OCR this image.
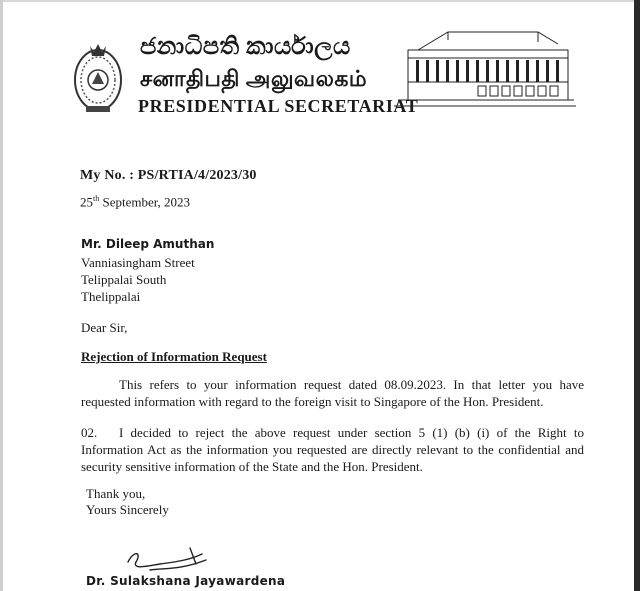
ජනාධිපති කාර්යාලය
சனாதிபதி அலுவலகம்
PRESIDENTIAL SECRETARIAT
My No. : PS/RTIA/4/2023/30
25th September, 2023
Mr. Dileep Amuthan
Vanniasingham Street
Telippalai South
Thelippalai
Dear Sir,
Rejection of Information Request
This refers to your information request dated 08.09.2023. In that letter you have requested information with regard to the foreign visit to Singapore of the Hon. President.
02. I decided to reject the above request under section 5 (1) (b) (i) of the Right to Information Act as the information you requested are directly relevant to the confidential and security sensitive information of the State and the Hon. President.
Thank you,
Yours Sincerely
Dr. Sulakshana Jayawardena
